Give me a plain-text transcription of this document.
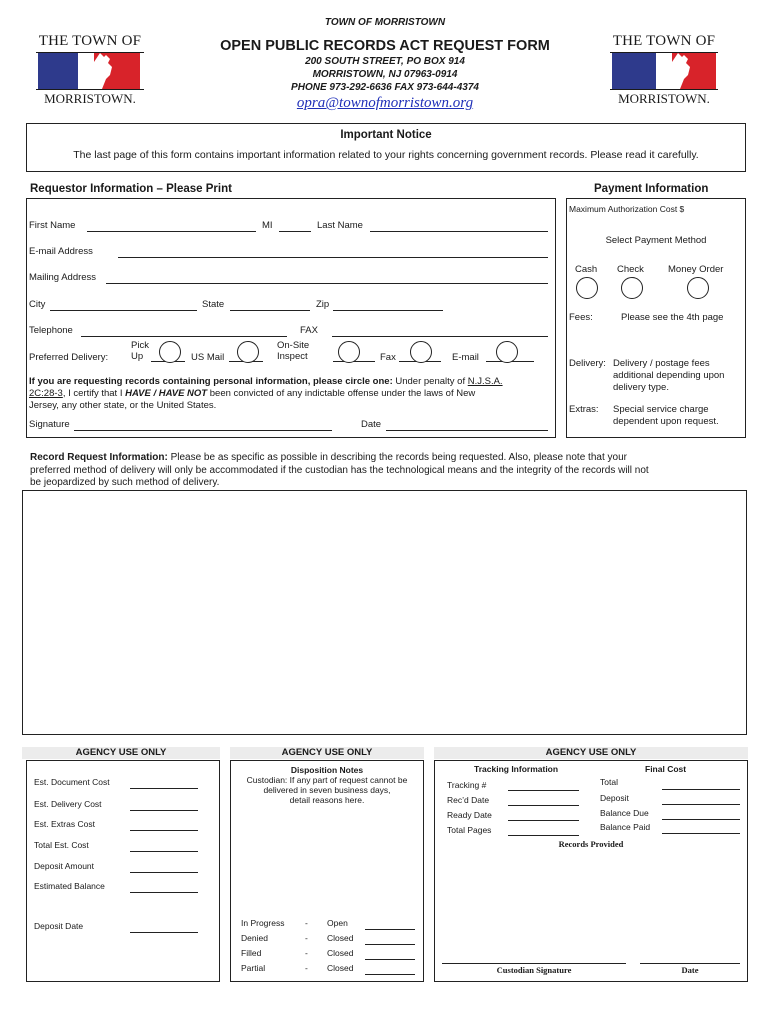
TOWN OF MORRISTOWN
THE TOWN OF
MORRISTOWN.
THE TOWN OF
MORRISTOWN.
OPEN PUBLIC RECORDS ACT REQUEST FORM
200 SOUTH STREET, PO BOX 914
MORRISTOWN, NJ 07963-0914
PHONE 973-292-6636 FAX 973-644-4374
opra@townofmorristown.org
Important Notice
The last page of this form contains important information related to your rights concerning government records. Please read it carefully.
Requestor Information – Please Print
First Name	MI	Last Name
E-mail Address
Mailing Address
City	State	Zip
Telephone	FAX
Preferred Delivery:
Pick
Up	US Mail
On-Site
Inspect	Fax	E-mail
If you are requesting records containing personal information, please circle one: Under penalty of N.J.S.A.
2C:28-3, I certify that I HAVE / HAVE NOT been convicted of any indictable offense under the laws of New
Jersey, any other state, or the United States.
Signature	Date
Payment Information
Maximum Authorization Cost $
Select Payment Method
Cash Check	Money Order
Fees:	Please see the 4th page
Delivery: Delivery / postage fees
additional depending upon
delivery type.
Extras: Special service charge
dependent upon request.
Record Request Information: Please be as specific as possible in describing the records being requested. Also, please note that your
preferred method of delivery will only be accommodated if the custodian has the technological means and the integrity of the records will not
be jeopardized by such method of delivery.
AGENCY USE ONLY
Est. Document Cost
Est. Delivery Cost
Est. Extras Cost
Total Est. Cost
Deposit Amount
Estimated Balance
Deposit Date
AGENCY USE ONLY
Disposition Notes
Custodian: If any part of request cannot be
delivered in seven business days,
detail reasons here.
In Progress - Open
Denied	- Closed
Filled	- Closed
Partial	- Closed
AGENCY USE ONLY
Tracking Information	Final Cost
Tracking #
Rec’d Date
Ready Date
Total Pages
Total
Deposit
Balance Due
Balance Paid
Records Provided
Custodian Signature	Date
